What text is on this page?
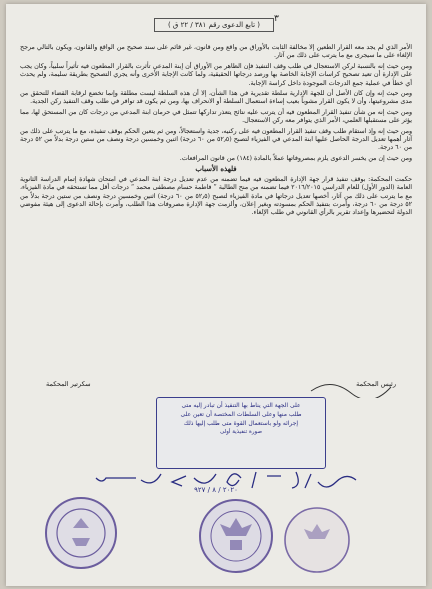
٣
( تابع الدعوى رقم ٣٨١ / ٢٢ ق )

الأمر الذي لم يجد معه القرار الطعين إلا مخالفة الثابت بالأوراق من واقع ومن قانون، غير قائم على سند صحيح من الواقع والقانون، ويكون بالتالي مرجح الإلغاء على ما سيجرى مع ما يترتب على ذلك من آثار.

ومن حيث إنه بالنسبة لركن الاستعجال في طلب وقف التنفيذ فإن الظاهر من الأوراق أن إبنة المدعي تأثرت بالقرار المطعون فيه تأثيراً سلبياً، وكان يجب على الإدارة أن تعيد تصحيح كراسات الإجابة الخاصة بها ورصد درجاتها الحقيقية، ولما كانت الإجابة الأخرى وأنه يجري التصحيح بطريقة سليمة، ولم يحدث أي خطأ في عملية جمع الدرجات الموجودة داخل كراسة الإجابة.

ومن حيث إنه وإن كان الأصل أن للجهة الإدارية سلطة تقديرية في هذا الشأن، إلا أن هذه السلطة ليست مطلقة وإنما تخضع لرقابة القضاء للتحقق من مدى مشروعيتها، وأن لا يكون القرار مشوباً بعيب إساءة استعمال السلطة أو الانحراف بها، ومن ثم يكون قد توافر في طلب وقف التنفيذ ركن الجدية.

ومن حيث إنه من شأن تنفيذ القرار المطعون فيه أن يترتب عليه نتائج يتعذر تداركها تتمثل في حرمان ابنة المدعي من درجات كان من المستحق لها، مما يؤثر على مستقبلها العلمي، الأمر الذي يتوافر معه ركن الاستعجال.

ومن حيث إنه وإذ استقام طلب وقف تنفيذ القرار المطعون فيه على ركنيه، جدية واستعجالاً، ومن ثم يتعين الحكم بوقف تنفيذه، مع ما يترتب على ذلك من آثار أهمها تعديل الدرجة الحاصل عليها ابنة المدعي في الفيزياء لتصبح (٥٢٫٥ من ٦٠ درجة) اثنين وخمسين درجة ونصف من ستين درجة بدلاً من ٥٢ درجة من ٦٠ درجة.

ومن حيث إن من يخسر الدعوى يلزم بمصروفاتها عملاً بالمادة (١٨٤) من قانون المرافعات.

فلهذه الأسباب

حكمت المحكمة: بوقف تنفيذ قرار جهة الإدارة المطعون فيه فيما تضمنه من عدم تعديل درجة ابنة المدعي في امتحان شهادة إتمام الدراسة الثانوية العامة (الدور الأول) للعام الدراسي ٢٠١٦/٢٠١٥ فيما تضمنه من منح الطالبة ” فاطمة حسام مصطفى محمد “ درجات أقل مما تستحقه في مادة الفيزياء، مع ما يترتب على ذلك من آثار، أخصها تعديل درجاتها في مادة الفيزياء لتصبح (٥٢٫٥ من ٦٠ درجة) اثنين وخمسين درجة ونصف من ستين درجة بدلاً من ٥٢ درجة من ٦٠ درجة، وأمرت بتنفيذ الحكم بمسودته وبغير إعلان، وألزمت جهة الإدارة مصروفات هذا الطلب، وأمرت بإحالة الدعوى إلى هيئة مفوضي الدولة لتحضيرها وإعداد تقرير بالرأي القانوني في طلب الإلغاء.

رئيس المحكمة
سكرتير المحكمة
على الجهة التي يناط بها التنفيذ أن تبادر إليه متى
طلب منها وعلى السلطات المختصة أن تعين على
إجرائه ولو باستعمال القوة متى طلب إليها ذلك
صورة تنفيذية أولى
٢٠٢٠ / ٨ / ٩٢٧
